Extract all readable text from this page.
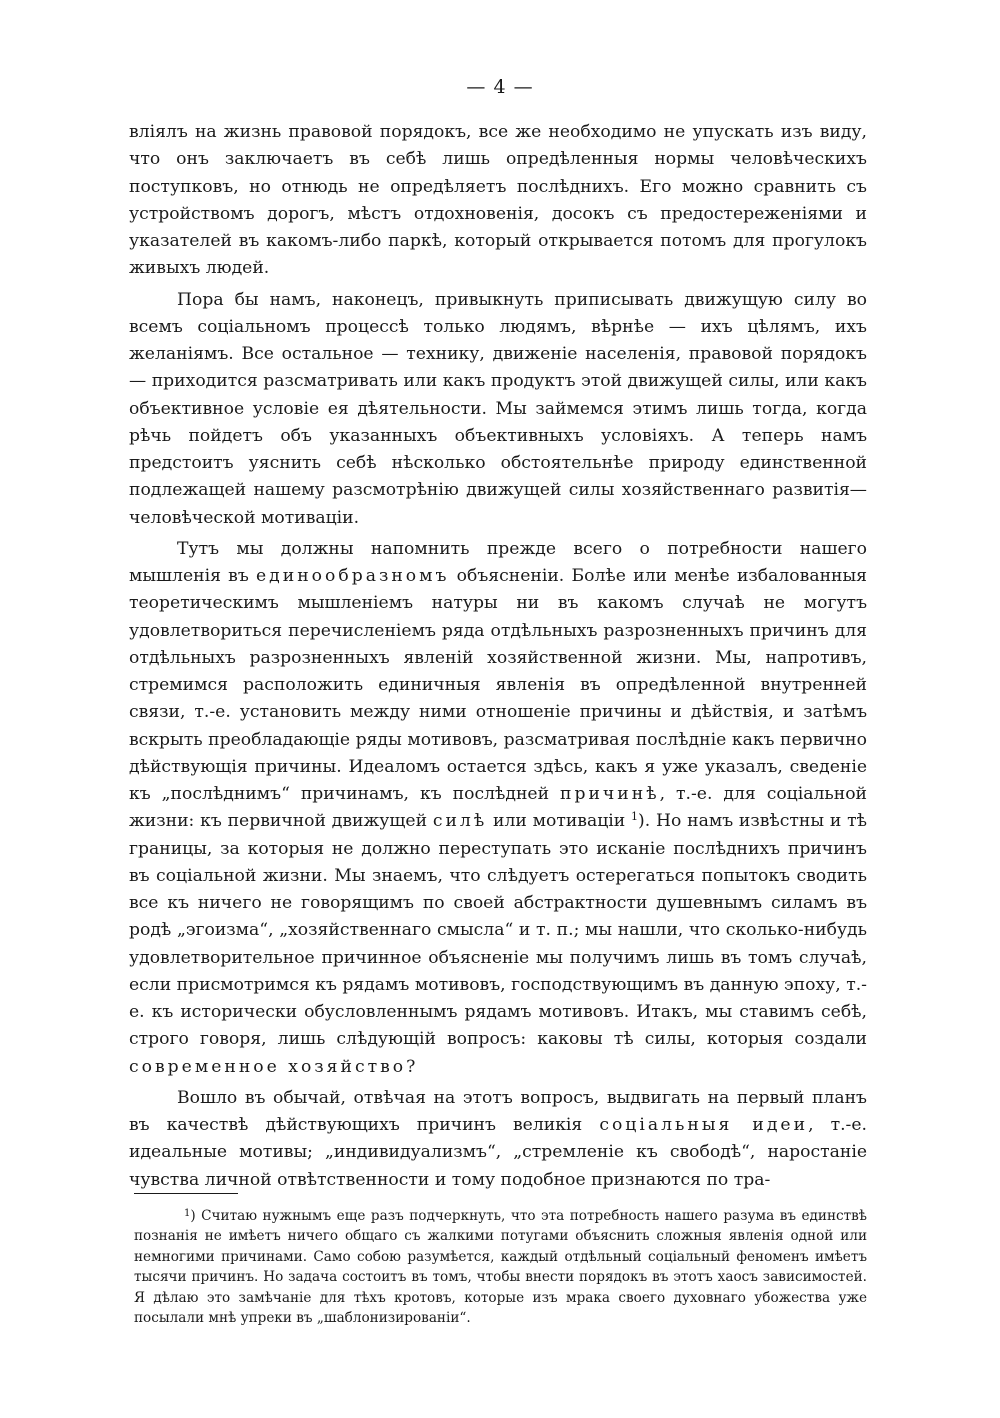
— 4 —

вліялъ на жизнь правовой порядокъ, все же необходимо не упускать изъ виду, что онъ заключаетъ въ себѣ лишь опредѣленныя нормы человѣческихъ поступковъ, но отнюдь не опредѣляетъ послѣднихъ. Его можно сравнить съ устройствомъ дорогъ, мѣстъ отдохновенія, досокъ съ предостереженіями и указателей въ какомъ-либо паркѣ, который открывается потомъ для прогулокъ живыхъ людей.

Пора бы намъ, наконецъ, привыкнуть приписывать движущую силу во всемъ соціальномъ процессѣ только людямъ, вѣрнѣе — ихъ цѣлямъ, ихъ желаніямъ. Все остальное — технику, движеніе населенія, правовой порядокъ — приходится разсматривать или какъ продуктъ этой движущей силы, или какъ объективное условіе ея дѣятельности. Мы займемся этимъ лишь тогда, когда рѣчь пойдетъ объ указанныхъ объективныхъ условіяхъ. А теперь намъ предстоитъ уяснить себѣ нѣсколько обстоятельнѣе природу единственной подлежащей нашему разсмотрѣнію движущей силы хозяйственнаго развитія—человѣческой мотиваціи.

Тутъ мы должны напомнить прежде всего о потребности нашего мышленія въ единообразномъ объясненіи. Болѣе или менѣе избалованныя теоретическимъ мышленіемъ натуры ни въ какомъ случаѣ не могутъ удовлетвориться перечисленіемъ ряда отдѣльныхъ разрозненныхъ причинъ для отдѣльныхъ разрозненныхъ явленій хозяйственной жизни. Мы, напротивъ, стремимся расположить единичныя явленія въ опредѣленной внутренней связи, т.-е. установить между ними отношеніе причины и дѣйствія, и затѣмъ вскрыть преобладающіе ряды мотивовъ, разсматривая послѣдніе какъ первично дѣйствующія причины. Идеаломъ остается здѣсь, какъ я уже указалъ, сведеніе къ „послѣднимъ“ причинамъ, къ послѣдней причинѣ, т.-е. для соціальной жизни: къ первичной движущей силѣ или мотиваціи $^1$). Но намъ извѣстны и тѣ границы, за которыя не должно переступать это исканіе послѣднихъ причинъ въ соціальной жизни. Мы знаемъ, что слѣдуетъ остерегаться попытокъ сводить все къ ничего не говорящимъ по своей абстрактности душевнымъ силамъ въ родѣ „эгоизма“, „хозяйственнаго смысла“ и т. п.; мы нашли, что сколько-нибудь удовлетворительное причинное объясненіе мы получимъ лишь въ томъ случаѣ, если присмотримся къ рядамъ мотивовъ, господствующимъ въ данную эпоху, т.-е. къ исторически обусловленнымъ рядамъ мотивовъ. Итакъ, мы ставимъ себѣ, строго говоря, лишь слѣдующій вопросъ: каковы тѣ силы, которыя создали современное хозяйство?

Вошло въ обычай, отвѣчая на этотъ вопросъ, выдвигать на первый планъ въ качествѣ дѣйствующихъ причинъ великія соціальныя идеи, т.-е. идеальные мотивы; „индивидуализмъ“, „стремленіе къ свободѣ“, наростаніе чувства личной отвѣтственности и тому подобное признаются по тра-

$^1$) Считаю нужнымъ еще разъ подчеркнуть, что эта потребность нашего разума въ единствѣ познанія не имѣетъ ничего общаго съ жалкими потугами объяснить сложныя явленія одной или немногими причинами. Само собою разумѣется, каждый отдѣльный соціальный феноменъ имѣетъ тысячи причинъ. Но задача состоитъ въ томъ, чтобы внести порядокъ въ этотъ хаосъ зависимостей. Я дѣлаю это замѣчаніе для тѣхъ кротовъ, которые изъ мрака своего духовнаго убожества уже посылали мнѣ упреки въ „шаблонизированіи“.
